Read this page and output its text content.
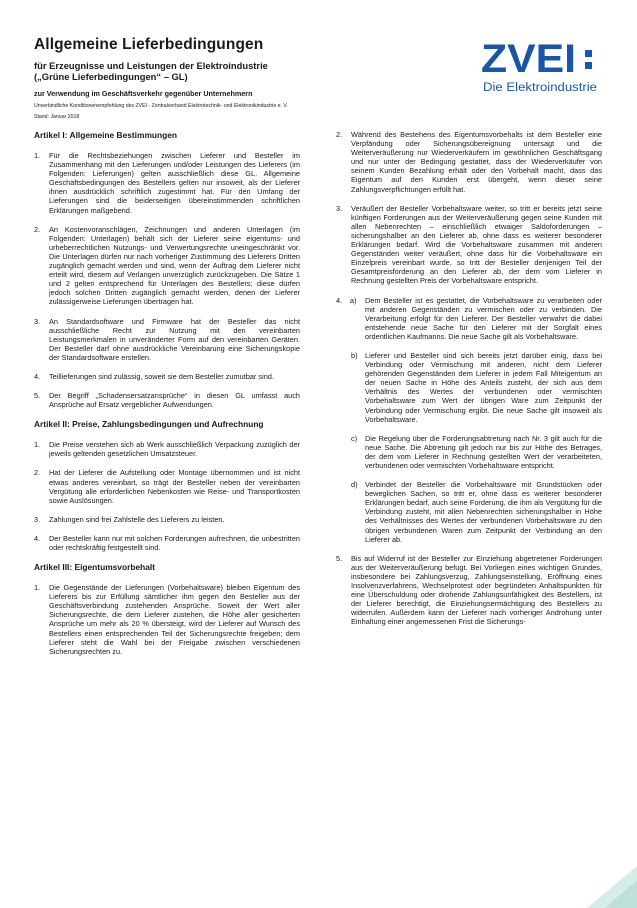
Allgemeine Lieferbedingungen
für Erzeugnisse und Leistungen der Elektroindustrie
(„Grüne Lieferbedingungen“ – GL)
zur Verwendung im Geschäftsverkehr gegenüber Unternehmern
Unverbindliche Konditionenempfehlung des ZVEI - Zentralverband Elektrotechnik- und Elektronikindustrie e. V.
Stand: Januar 2018
ZVEI
Die Elektroindustrie
Artikel I: Allgemeine Bestimmungen
1. Für die Rechtsbeziehungen zwischen Lieferer und Besteller im Zusammenhang mit den Lieferungen und/oder Leistungen des Lieferers (im Folgenden: Lieferungen) gelten ausschließlich diese GL. Allgemeine Geschäftsbedingungen des Bestellers gelten nur insoweit, als der Lieferer ihnen ausdrücklich schriftlich zugestimmt hat. Für den Umfang der Lieferungen sind die beiderseitigen übereinstimmenden schriftlichen Erklärungen maßgebend.
2. An Kostenvoranschlägen, Zeichnungen und anderen Unterlagen (im Folgenden: Unterlagen) behält sich der Lieferer seine eigentums- und urheberrechtlichen Nutzungs- und Verwertungsrechte uneingeschränkt vor. Die Unterlagen dürfen nur nach vorheriger Zustimmung des Lieferers Dritten zugänglich gemacht werden und sind, wenn der Auftrag dem Lieferer nicht erteilt wird, diesem auf Verlangen unverzüglich zurückzugeben. Die Sätze 1 und 2 gelten entsprechend für Unterlagen des Bestellers; diese dürfen jedoch solchen Dritten zugänglich gemacht werden, denen der Lieferer zulässigerweise Lieferungen übertragen hat.
3. An Standardsoftware und Firmware hat der Besteller das nicht ausschließliche Recht zur Nutzung mit den vereinbarten Leistungsmerkmalen in unveränderter Form auf den vereinbarten Geräten. Der Besteller darf ohne ausdrückliche Vereinbarung eine Sicherungskopie der Standardsoftware erstellen.
4. Teillieferungen sind zulässig, soweit sie dem Besteller zumutbar sind.
5. Der Begriff „Schadensersatzansprüche“ in diesen GL umfasst auch Ansprüche auf Ersatz vergeblicher Aufwendungen.
Artikel II: Preise, Zahlungsbedingungen und Aufrechnung
1. Die Preise verstehen sich ab Werk ausschließlich Verpackung zuzüglich der jeweils geltenden gesetzlichen Umsatzsteuer.
2. Hat der Lieferer die Aufstellung oder Montage übernommen und ist nicht etwas anderes vereinbart, so trägt der Besteller neben der vereinbarten Vergütung alle erforderlichen Nebenkosten wie Reise- und Transportkosten sowie Auslösungen.
3. Zahlungen sind frei Zahlstelle des Lieferers zu leisten.
4. Der Besteller kann nur mit solchen Forderungen aufrechnen, die unbestritten oder rechtskräftig festgestellt sind.
Artikel III: Eigentumsvorbehalt
1. Die Gegenstände der Lieferungen (Vorbehaltsware) bleiben Eigentum des Lieferers bis zur Erfüllung sämtlicher ihm gegen den Besteller aus der Geschäftsverbindung zustehenden Ansprüche. Soweit der Wert aller Sicherungsrechte, die dem Lieferer zustehen, die Höhe aller gesicherten Ansprüche um mehr als 20 % übersteigt, wird der Lieferer auf Wunsch des Bestellers einen entsprechenden Teil der Sicherungsrechte freigeben; dem Lieferer steht die Wahl bei der Freigabe zwischen verschiedenen Sicherungsrechten zu.
2. Während des Bestehens des Eigentumsvorbehalts ist dem Besteller eine Verpfändung oder Sicherungsübereignung untersagt und die Weiterveräußerung nur Wiederverkäufern im gewöhnlichen Geschäftsgang und nur unter der Bedingung gestattet, dass der Wiederverkäufer von seinem Kunden Bezahlung erhält oder den Vorbehalt macht, dass das Eigentum auf den Kunden erst übergeht, wenn dieser seine Zahlungsverpflichtungen erfüllt hat.
3. Veräußert der Besteller Vorbehaltsware weiter, so tritt er bereits jetzt seine künftigen Forderungen aus der Weiterveräußerung gegen seine Kunden mit allen Nebenrechten – einschließlich etwaiger Saldoforderungen – sicherungshalber an den Lieferer ab, ohne dass es weiterer besonderer Erklärungen bedarf. Wird die Vorbehaltsware zusammen mit anderen Gegenständen weiter veräußert, ohne dass für die Vorbehaltsware ein Einzelpreis vereinbart wurde, so tritt der Besteller denjenigen Teil der Gesamtpreisforderung an den Lieferer ab, der dem vom Lieferer in Rechnung gestellten Preis der Vorbehaltsware entspricht.
4. a) Dem Besteller ist es gestattet, die Vorbehaltsware zu verarbeiten oder mit anderen Gegenständen zu vermischen oder zu verbinden. Die Verarbeitung erfolgt für den Lieferer. Der Besteller verwahrt die dabei entstehende neue Sache für den Lieferer mit der Sorgfalt eines ordentlichen Kaufmanns. Die neue Sache gilt als Vorbehaltsware.
b) Lieferer und Besteller sind sich bereits jetzt darüber einig, dass bei Verbindung oder Vermischung mit anderen, nicht dem Lieferer gehörenden Gegenständen dem Lieferer in jedem Fall Miteigentum an der neuen Sache in Höhe des Anteils zusteht, der sich aus dem Verhältnis des Wertes der verbundenen oder vermischten Vorbehaltsware zum Wert der übrigen Ware zum Zeitpunkt der Verbindung oder Vermischung ergibt. Die neue Sache gilt insoweit als Vorbehaltsware.
c) Die Regelung über die Forderungsabtretung nach Nr. 3 gilt auch für die neue Sache. Die Abtretung gilt jedoch nur bis zur Höhe des Betrages, der dem vom Lieferer in Rechnung gestellten Wert der verarbeiteten, verbundenen oder vermischten Vorbehaltsware entspricht.
d) Verbindet der Besteller die Vorbehaltsware mit Grundstücken oder beweglichen Sachen, so tritt er, ohne dass es weiterer besonderer Erklärungen bedarf, auch seine Forderung, die ihm als Vergütung für die Verbindung zusteht, mit allen Nebenrechten sicherungshalber in Höhe des Verhältnisses des Wertes der verbundenen Vorbehaltsware zu den übrigen verbundenen Waren zum Zeitpunkt der Verbindung an den Lieferer ab.
5. Bis auf Widerruf ist der Besteller zur Einziehung abgetretener Forderungen aus der Weiterveräußerung befugt. Bei Vorliegen eines wichtigen Grundes, insbesondere bei Zahlungsverzug, Zahlungseinstellung, Eröffnung eines Insolvenzverfahrens, Wechselprotest oder begründeten Anhaltspunkten für eine Überschuldung oder drohende Zahlungsunfähigkeit des Bestellers, ist der Lieferer berechtigt, die Einziehungsermächtigung des Bestellers zu widerrufen. Außerdem kann der Lieferer nach vorheriger Androhung unter Einhaltung einer angemessenen Frist die Sicherungs-
